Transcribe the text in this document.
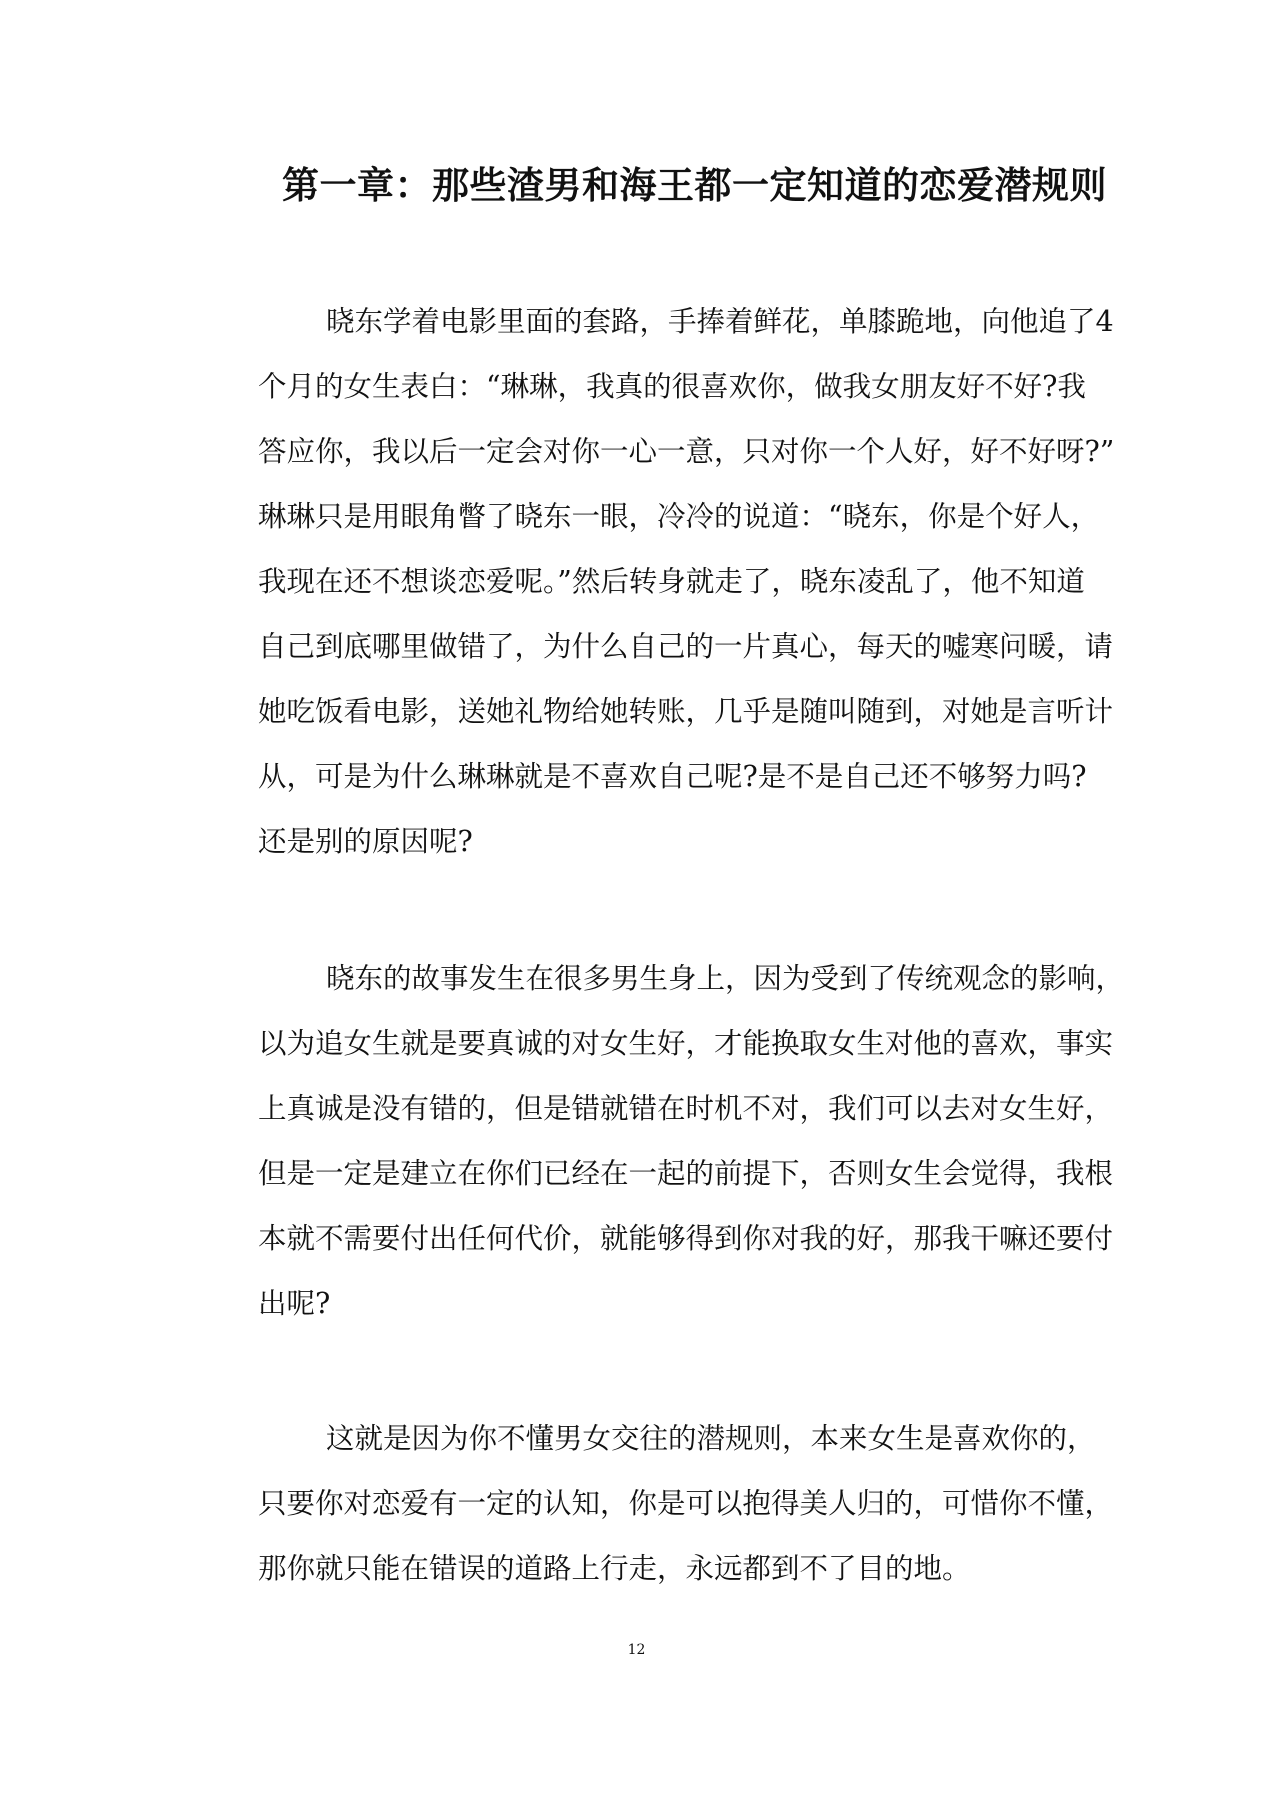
第一章：那些渣男和海王都一定知道的恋爱潜规则
晓东学着电影里面的套路，手捧着鲜花，单膝跪地，向他追了4
个月的女生表白：“琳琳，我真的很喜欢你，做我女朋友好不好?我
答应你，我以后一定会对你一心一意，只对你一个人好，好不好呀?”
琳琳只是用眼角瞥了晓东一眼，冷冷的说道：“晓东，你是个好人，
我现在还不想谈恋爱呢。”然后转身就走了，晓东凌乱了，他不知道
自己到底哪里做错了，为什么自己的一片真心，每天的嘘寒问暖，请
她吃饭看电影，送她礼物给她转账，几乎是随叫随到，对她是言听计
从，可是为什么琳琳就是不喜欢自己呢?是不是自己还不够努力吗?
还是别的原因呢?
晓东的故事发生在很多男生身上，因为受到了传统观念的影响，
以为追女生就是要真诚的对女生好，才能换取女生对他的喜欢，事实
上真诚是没有错的，但是错就错在时机不对，我们可以去对女生好，
但是一定是建立在你们已经在一起的前提下，否则女生会觉得，我根
本就不需要付出任何代价，就能够得到你对我的好，那我干嘛还要付
出呢?
这就是因为你不懂男女交往的潜规则，本来女生是喜欢你的，
只要你对恋爱有一定的认知，你是可以抱得美人归的，可惜你不懂，
那你就只能在错误的道路上行走，永远都到不了目的地。
12
